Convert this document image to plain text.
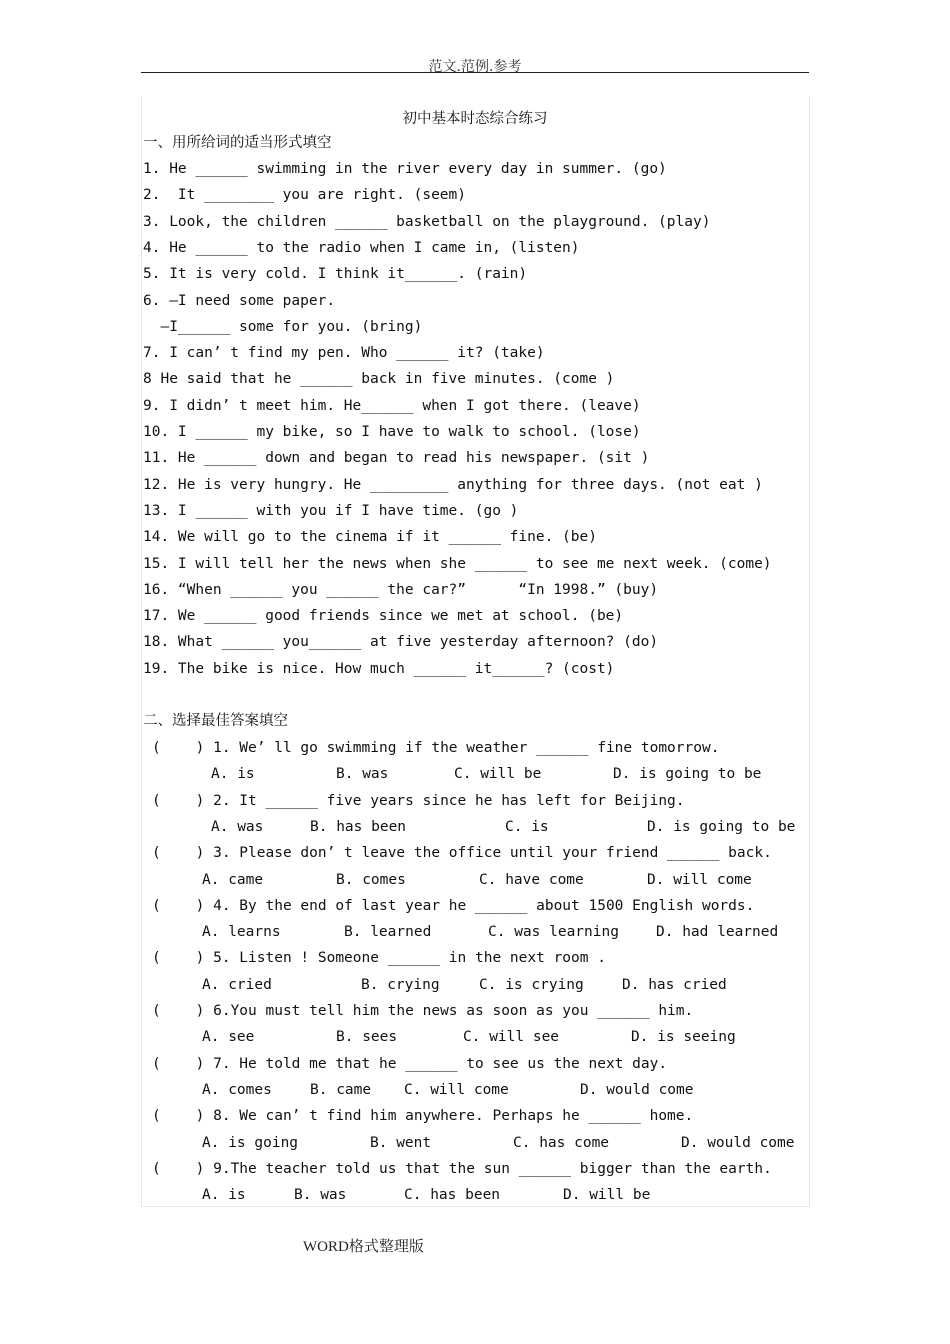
范文.范例.参考
初中基本时态综合练习
一、用所给词的适当形式填空
1. He ______ swimming in the river every day in summer. (go)
2.  It ________ you are right. (seem)
3. Look, the children ______ basketball on the playground. (play)
4. He ______ to the radio when I came in, (listen)
5. It is very cold. I think it______. (rain)
6. —I need some paper.
—I______ some for you. (bring)
7. I can’ t find my pen. Who ______ it? (take)
8 He said that he ______ back in five minutes. (come )
9. I didn’ t meet him. He______ when I got there. (leave)
10. I ______ my bike, so I have to walk to school. (lose)
11. He ______ down and began to read his newspaper. (sit )
12. He is very hungry. He _________ anything for three days. (not eat )
13. I ______ with you if I have time. (go )
14. We will go to the cinema if it ______ fine. (be)
15. I will tell her the news when she ______ to see me next week. (come)
16. “When ______ you ______ the car?”      “In 1998.” (buy)
17. We ______ good friends since we met at school. (be)
18. What ______ you______ at five yesterday afternoon? (do)
19. The bike is nice. How much ______ it______? (cost)
二、选择最佳答案填空
(    ) 1. We’ ll go swimming if the weather ______ fine tomorrow.
A. is	B. was	C. will be	D. is going to be
(    ) 2. It ______ five years since he has left for Beijing.
A. was	B. has been	C. is	D. is going to be
(    ) 3. Please don’ t leave the office until your friend ______ back.
A. came	B. comes	C. have come	D. will come
(    ) 4. By the end of last year he ______ about 1500 English words.
A. learns	B. learned	C. was learning	D. had learned
(    ) 5. Listen ! Someone ______ in the next room .
A. cried	B. crying	C. is crying	D. has cried
(    ) 6.You must tell him the news as soon as you ______ him.
A. see	B. sees	C. will see	D. is seeing
(    ) 7. He told me that he ______ to see us the next day.
A. comes	B. came C. will come	D. would come
(    ) 8. We can’ t find him anywhere. Perhaps he ______ home.
A. is going	B. went	C. has come	D. would come
(    ) 9.The teacher told us that the sun ______ bigger than the earth.
A. is	B. was	C. has been	D. will be
WORD格式整理版
